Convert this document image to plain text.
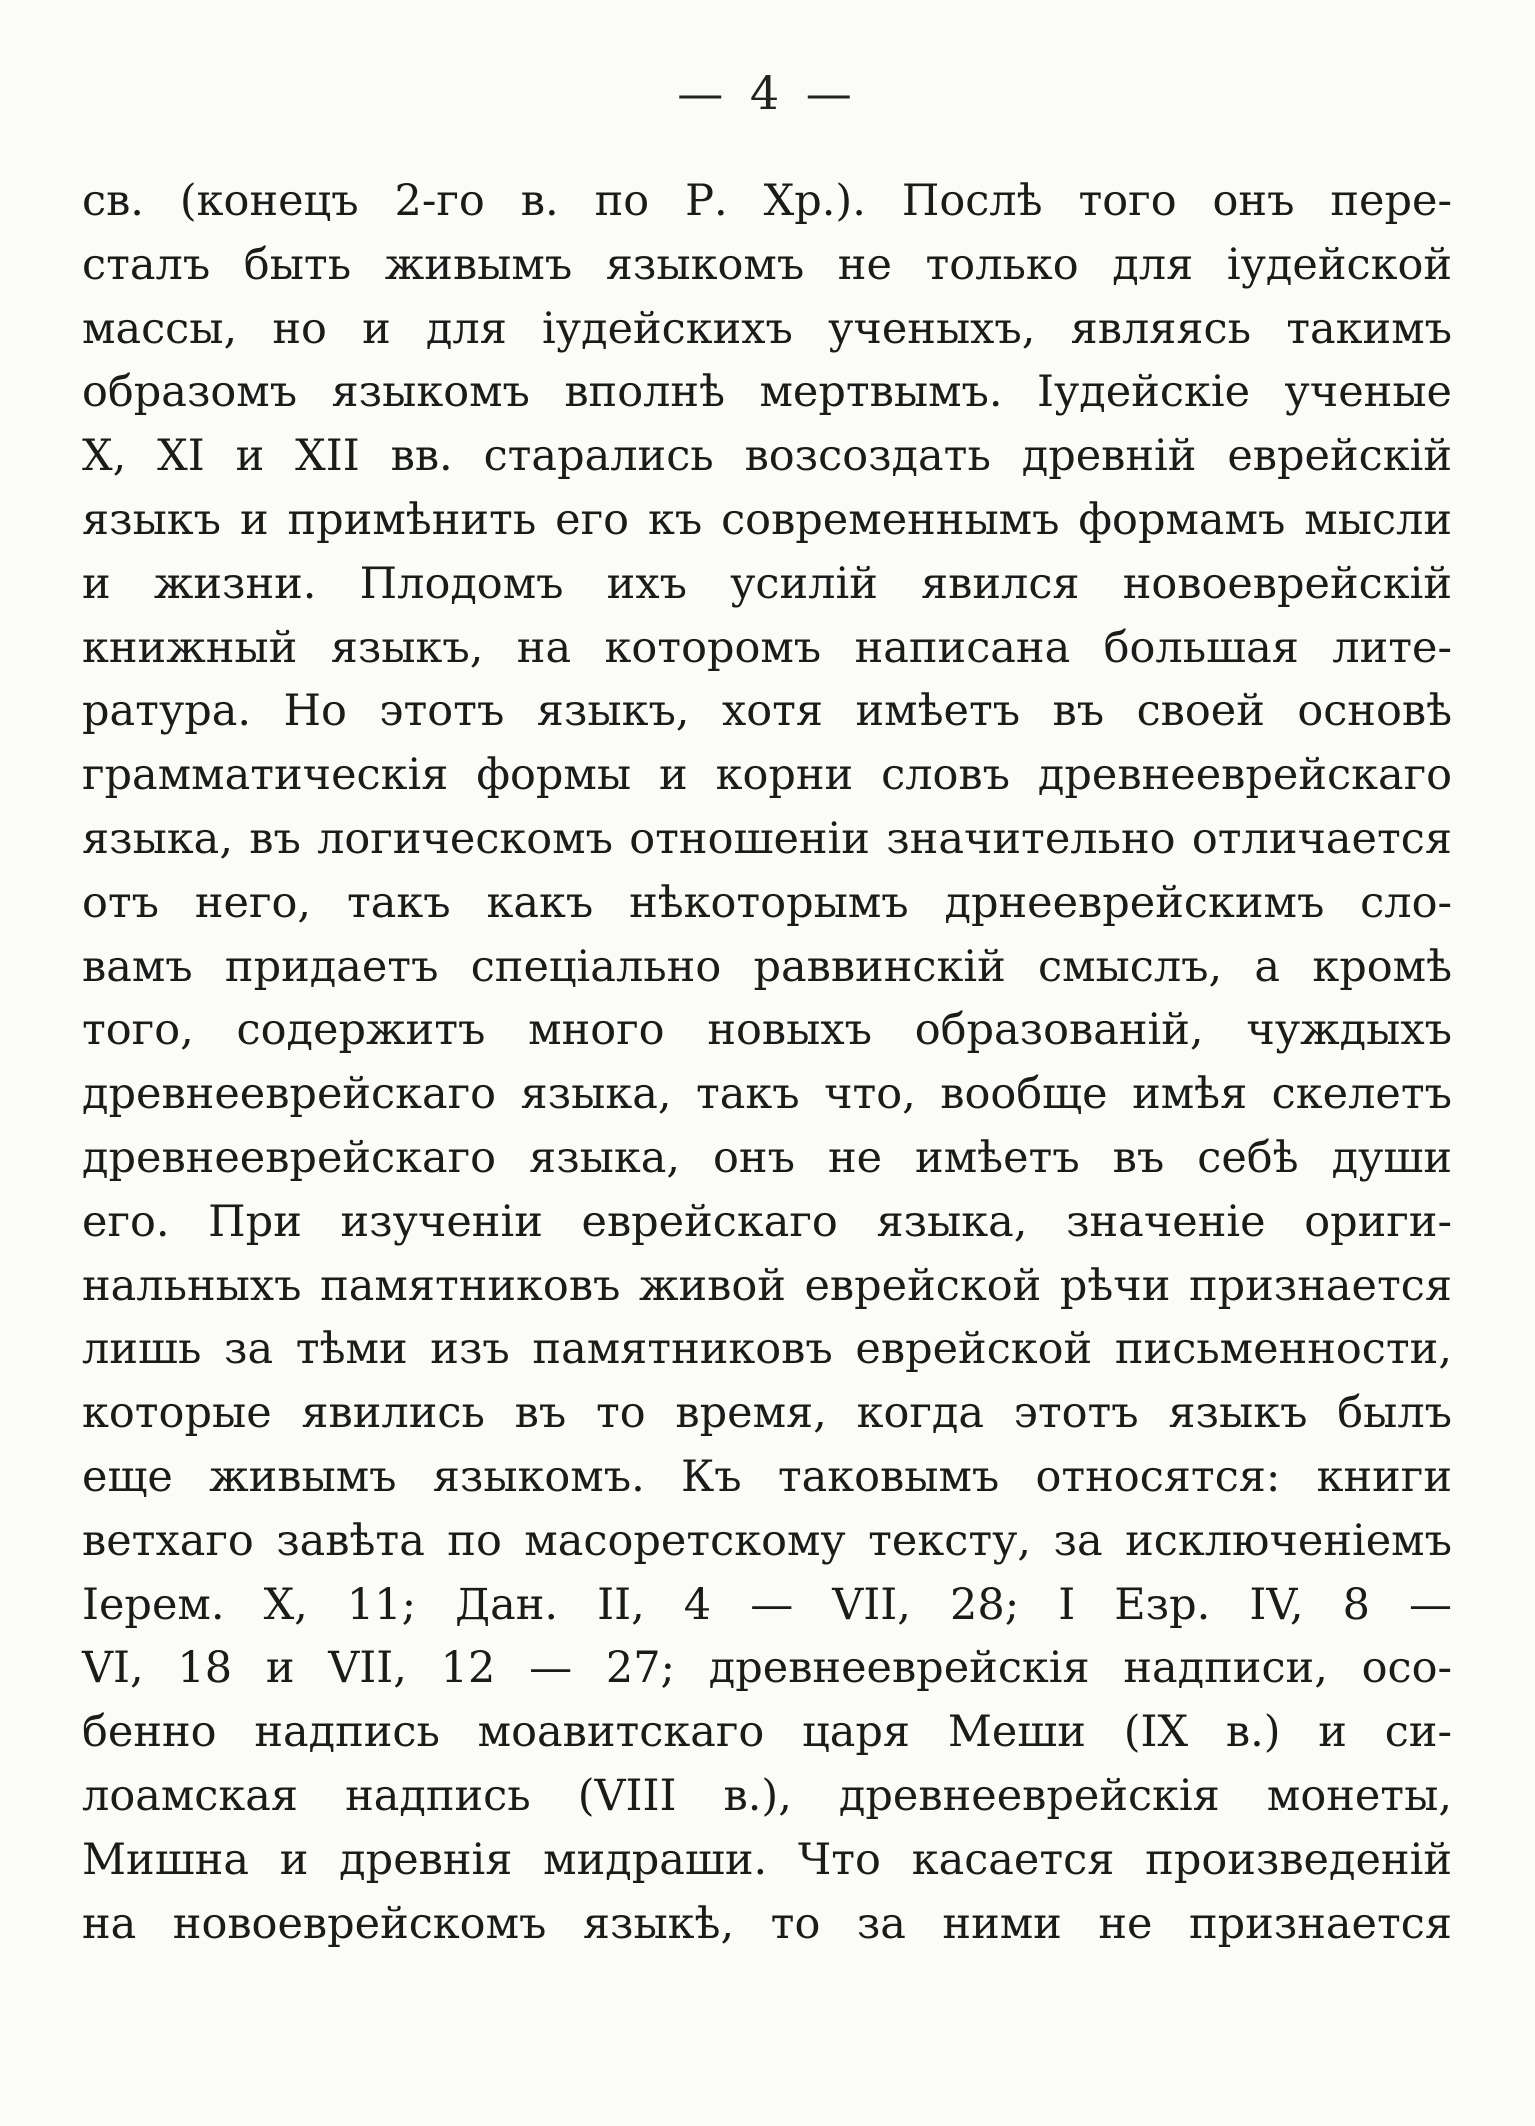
— 4 —
св. (конецъ 2-го в. по Р. Хр.). Послѣ того онъ пере-
сталъ быть живымъ языкомъ не только для іудейской
массы, но и для іудейскихъ ученыхъ, являясь такимъ
образомъ языкомъ вполнѣ мертвымъ. Іудейскіе ученые
X, XI и XII вв. старались возсоздать древній еврейскій
языкъ и примѣнить его къ современнымъ формамъ мысли
и жизни. Плодомъ ихъ усилій явился новоеврейскій
книжный языкъ, на которомъ написана большая лите-
ратура. Но этотъ языкъ, хотя имѣетъ въ своей основѣ
грамматическія формы и корни словъ древнееврейскаго
языка, въ логическомъ отношеніи значительно отличается
отъ него, такъ какъ нѣкоторымъ дрнееврейскимъ сло-
вамъ придаетъ спеціально раввинскій смыслъ, а кромѣ
того, содержитъ много новыхъ образованій, чуждыхъ
древнееврейскаго языка, такъ что, вообще имѣя скелетъ
древнееврейскаго языка, онъ не имѣетъ въ себѣ души
его. При изученіи еврейскаго языка, значеніе ориги-
нальныхъ памятниковъ живой еврейской рѣчи признается
лишь за тѣми изъ памятниковъ еврейской письменности,
которые явились въ то время, когда этотъ языкъ былъ
еще живымъ языкомъ. Къ таковымъ относятся: книги
ветхаго завѣта по масоретскому тексту, за исключеніемъ
Іерем. X, 11; Дан. II, 4 — VII, 28; I Езр. IV, 8 —
VI, 18 и VII, 12 — 27; древнееврейскія надписи, осо-
бенно надпись моавитскаго царя Меши (IX в.) и си-
лоамская надпись (VIII в.), древнееврейскія монеты,
Мишна и древнія мидраши. Что касается произведеній
на новоеврейскомъ языкѣ, то за ними не признается
